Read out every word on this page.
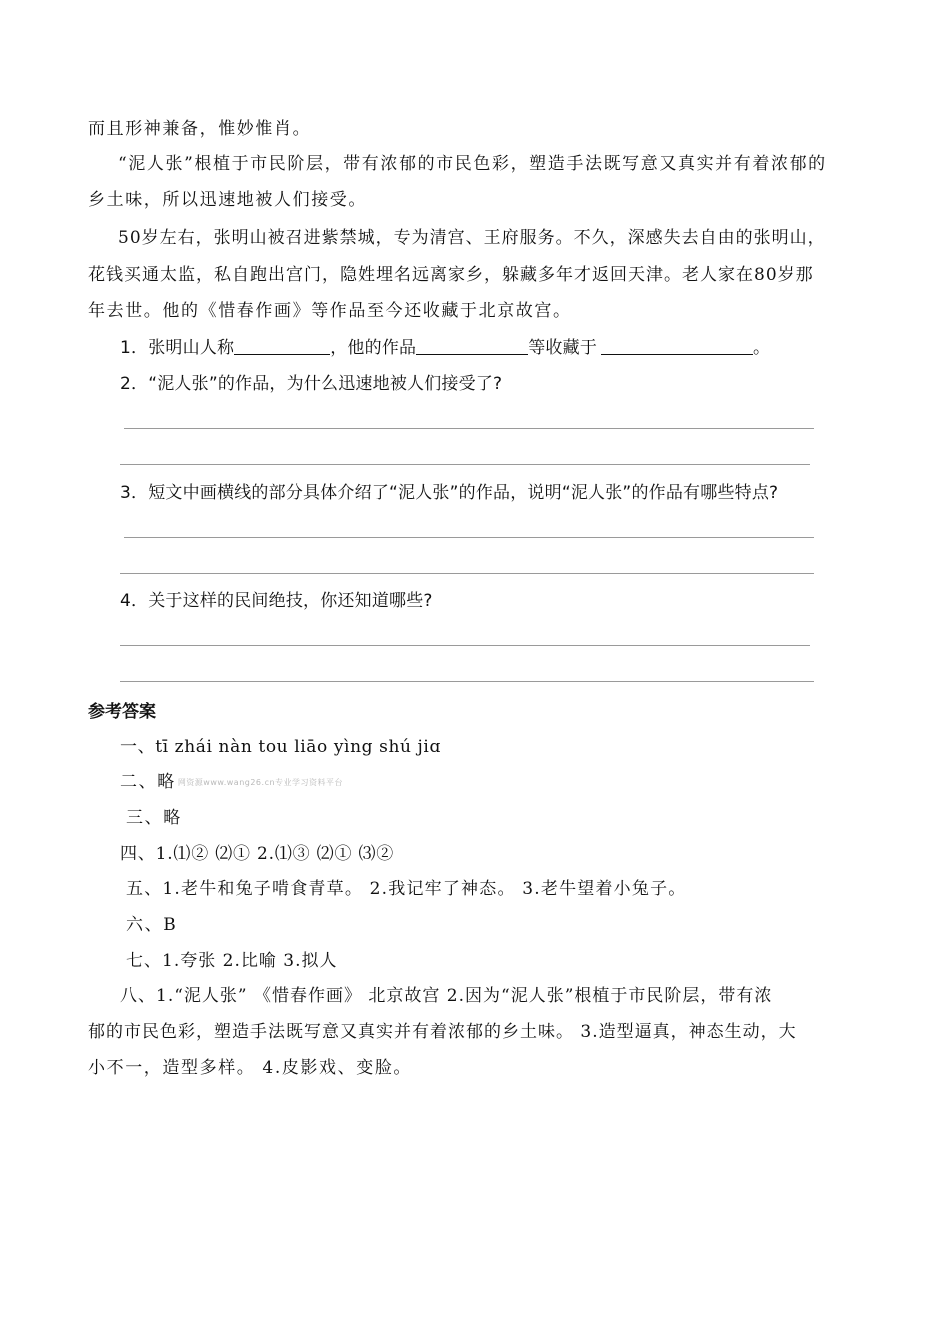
而且形神兼备，惟妙惟肖。
“泥人张”根植于市民阶层，带有浓郁的市民色彩，塑造手法既写意又真实并有着浓郁的
乡土味，所以迅速地被人们接受。
50岁左右，张明山被召进紫禁城，专为清宫、王府服务。不久，深感失去自由的张明山，
花钱买通太监，私自跑出宫门，隐姓埋名远离家乡，躲藏多年才返回天津。老人家在80岁那
年去世。他的《惜春作画》等作品至今还收藏于北京故宫。
1．张明山人称	，他的作品	等收藏于	。
2．“泥人张”的作品，为什么迅速地被人们接受了?
3．短文中画横线的部分具体介绍了“泥人张”的作品，说明“泥人张”的作品有哪些特点?
4．关于这样的民间绝技，你还知道哪些?
参考答案
一、tī zhái nàn tou liāo yìng shú jiɑ
二、略 网资源www.wang26.cn专业学习资料平台
三、略
四、1.⑴② ⑵① 2.⑴③ ⑵① ⑶②
五、1.老牛和兔子啃食青草。 2.我记牢了神态。 3.老牛望着小兔子。
六、B
七、1.夸张 2.比喻 3.拟人
八、1.“泥人张” 《惜春作画》 北京故宫 2.因为“泥人张”根植于市民阶层，带有浓
郁的市民色彩，塑造手法既写意又真实并有着浓郁的乡土味。 3.造型逼真，神态生动，大
小不一，造型多样。 4.皮影戏、变脸。
